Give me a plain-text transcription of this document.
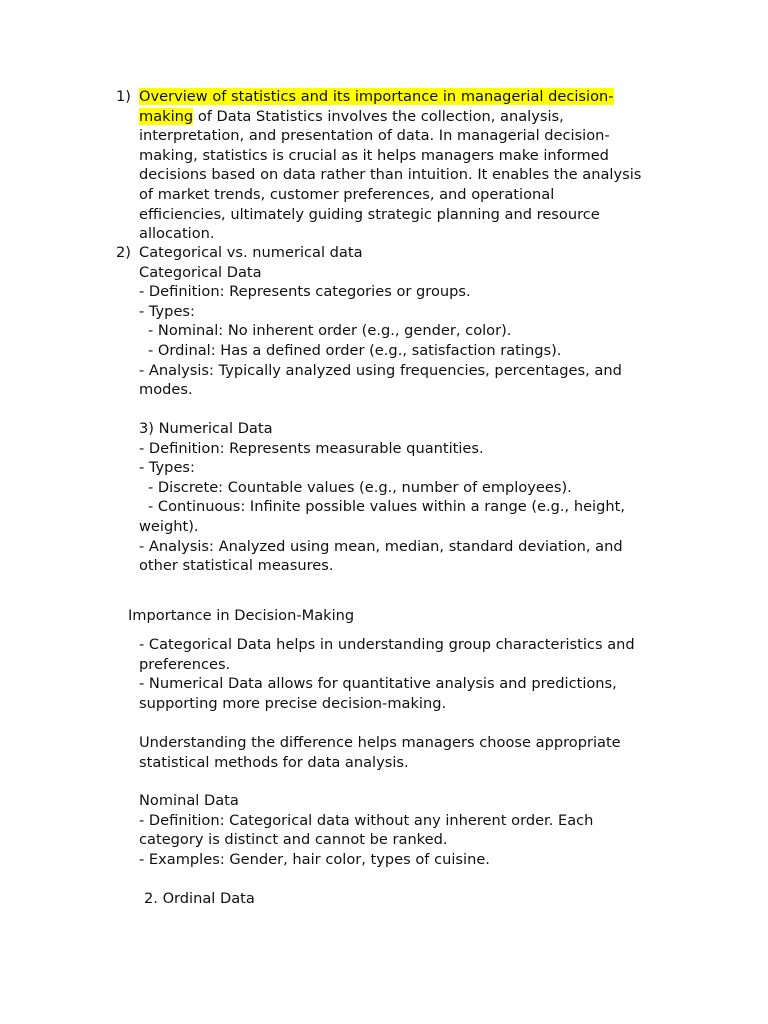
1) Overview of statistics and its importance in managerial decision-
making of Data Statistics involves the collection, analysis,
interpretation, and presentation of data. In managerial decision-
making, statistics is crucial as it helps managers make informed
decisions based on data rather than intuition. It enables the analysis
of market trends, customer preferences, and operational
efficiencies, ultimately guiding strategic planning and resource
allocation.
2) Categorical vs. numerical data
Categorical Data
- Definition: Represents categories or groups.
- Types:
- Nominal: No inherent order (e.g., gender, color).
- Ordinal: Has a defined order (e.g., satisfaction ratings).
- Analysis: Typically analyzed using frequencies, percentages, and
modes.
3) Numerical Data
- Definition: Represents measurable quantities.
- Types:
- Discrete: Countable values (e.g., number of employees).
- Continuous: Infinite possible values within a range (e.g., height,
weight).
- Analysis: Analyzed using mean, median, standard deviation, and
other statistical measures.
Importance in Decision-Making
- Categorical Data helps in understanding group characteristics and
preferences.
- Numerical Data allows for quantitative analysis and predictions,
supporting more precise decision-making.
Understanding the difference helps managers choose appropriate
statistical methods for data analysis.
Nominal Data
- Definition: Categorical data without any inherent order. Each
category is distinct and cannot be ranked.
- Examples: Gender, hair color, types of cuisine.
2. Ordinal Data
